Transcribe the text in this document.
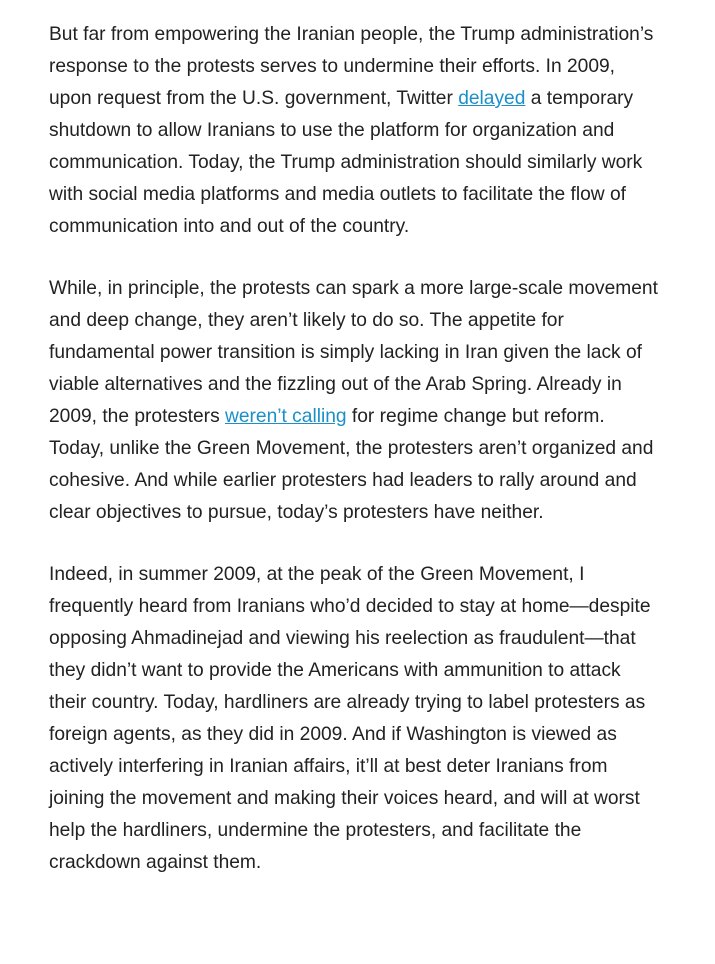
But far from empowering the Iranian people, the Trump administration’s response to the protests serves to undermine their efforts. In 2009, upon request from the U.S. government, Twitter delayed a temporary shutdown to allow Iranians to use the platform for organization and communication. Today, the Trump administration should similarly work with social media platforms and media outlets to facilitate the flow of communication into and out of the country.

While, in principle, the protests can spark a more large-scale movement and deep change, they aren’t likely to do so. The appetite for fundamental power transition is simply lacking in Iran given the lack of viable alternatives and the fizzling out of the Arab Spring. Already in 2009, the protesters weren’t calling for regime change but reform. Today, unlike the Green Movement, the protesters aren’t organized and cohesive. And while earlier protesters had leaders to rally around and clear objectives to pursue, today’s protesters have neither.

Indeed, in summer 2009, at the peak of the Green Movement, I frequently heard from Iranians who’d decided to stay at home—despite opposing Ahmadinejad and viewing his reelection as fraudulent—that they didn’t want to provide the Americans with ammunition to attack their country. Today, hardliners are already trying to label protesters as foreign agents, as they did in 2009. And if Washington is viewed as actively interfering in Iranian affairs, it’ll at best deter Iranians from joining the movement and making their voices heard, and will at worst help the hardliners, undermine the protesters, and facilitate the crackdown against them.
